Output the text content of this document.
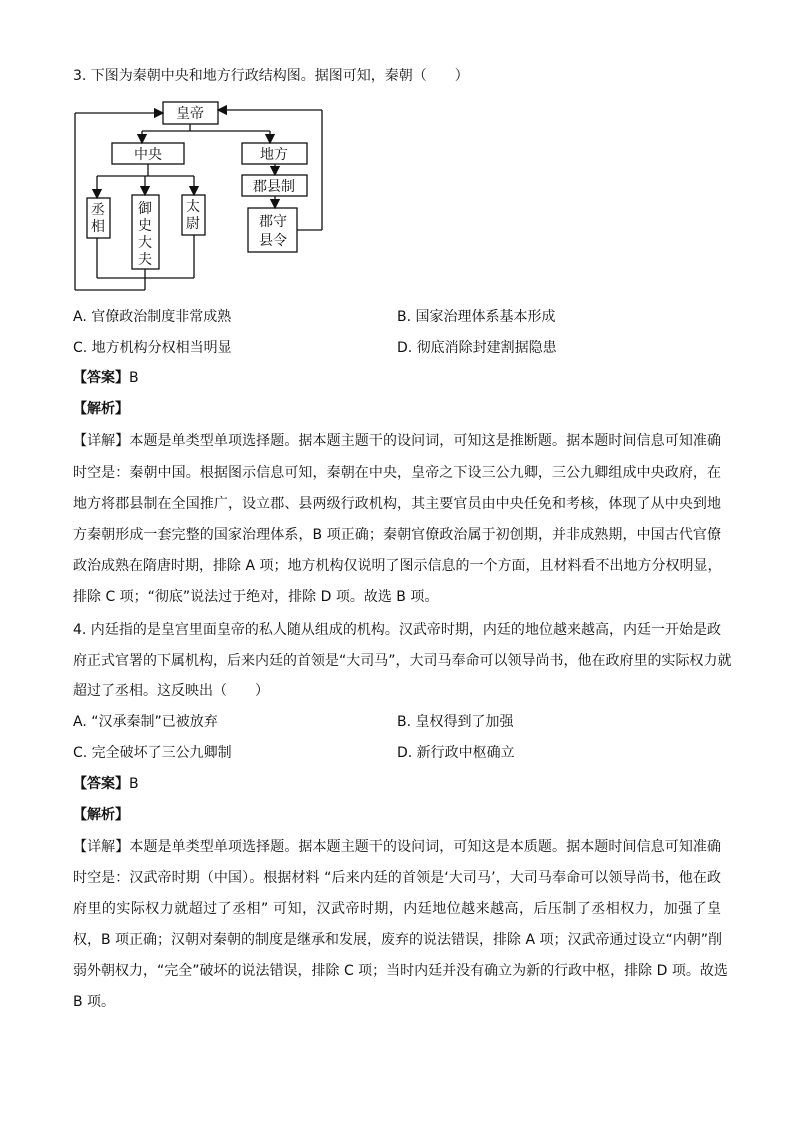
3. 下图为秦朝中央和地方行政结构图。据图可知，秦朝（　　）
皇帝
中央	地方
郡县制
丞
相
御
史
大
夫
太
尉	郡守
县令
A. 官僚政治制度非常成熟	B. 国家治理体系基本形成
C. 地方机构分权相当明显	D. 彻底消除封建割据隐患
【答案】B
【解析】
【详解】本题是单类型单项选择题。据本题主题干的设问词，可知这是推断题。据本题时间信息可知准确
时空是：秦朝中国。根据图示信息可知，秦朝在中央，皇帝之下设三公九卿，三公九卿组成中央政府，在
地方将郡县制在全国推广，设立郡、县两级行政机构，其主要官员由中央任免和考核，体现了从中央到地
方秦朝形成一套完整的国家治理体系，B 项正确；秦朝官僚政治属于初创期，并非成熟期，中国古代官僚
政治成熟在隋唐时期，排除 A 项；地方机构仅说明了图示信息的一个方面，且材料看不出地方分权明显，
排除 C 项；“彻底”说法过于绝对，排除 D 项。故选 B 项。
4. 内廷指的是皇宫里面皇帝的私人随从组成的机构。汉武帝时期，内廷的地位越来越高，内廷一开始是政
府正式官署的下属机构，后来内廷的首领是“大司马”，大司马奉命可以领导尚书，他在政府里的实际权力就
超过了丞相。这反映出（　　）
A. “汉承秦制”已被放弃	B. 皇权得到了加强
C. 完全破坏了三公九卿制	D. 新行政中枢确立
【答案】B
【解析】
【详解】本题是单类型单项选择题。据本题主题干的设问词，可知这是本质题。据本题时间信息可知准确
时空是：汉武帝时期（中国）。根据材料 “后来内廷的首领是‘大司马’，大司马奉命可以领导尚书，他在政
府里的实际权力就超过了丞相” 可知，汉武帝时期，内廷地位越来越高，后压制了丞相权力，加强了皇
权，B 项正确；汉朝对秦朝的制度是继承和发展，废弃的说法错误，排除 A 项；汉武帝通过设立“内朝”削
弱外朝权力，“完全”破坏的说法错误，排除 C 项；当时内廷并没有确立为新的行政中枢，排除 D 项。故选
B 项。
